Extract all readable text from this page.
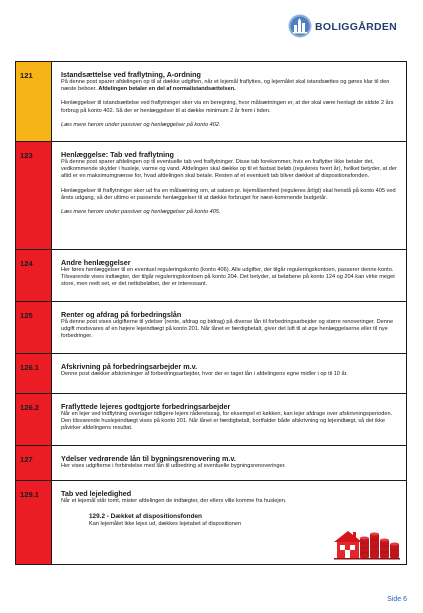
BOLIGGÅRDEN
121	Istandsættelse ved fraflytning, A-ordning
På denne post sparer afdelingen op til at dække udgiften, når et lejemål fraflyttes, og lejemålet skal istandsættes og gøres klar til den næste beboer. Afdelingen betaler en del af normalistandsættelsen.
Henlæggelser til istandsættelse ved fraflytninger sker via en beregning, hvor målsætningen er, at der skal være henlagt de sidste 2 års forbrug på konto 402. Så der er henlæggelser til at dække minimum 2 år frem i tiden.
Læs mere herom under passiver og henlæggelser på konto 402.
123	Henlæggelse: Tab ved fraflytning
På denne post sparer afdelingen op til eventuelle tab ved fraflytninger. Disse tab forekommer, hvis en fraflytter ikke betaler det, vedkommende skylder i husleje, varme og vand. Afdelingen skal dække op til et fastsat beløb (reguleres hvert år), hvilket betyder, at der altid er en maksimumgrænse for, hvad afdelingen skal betale. Resten af et eventuelt tab bliver dækket af dispositionsfonden.
Henlæggelser til fraflytninger sker ud fra en målsætning om, at satsen pr. lejemålsenhed (reguleres årligt) skal henstå på konto 405 ved årets udgang, så der ultimo er passende henlæggelser til at dække forbruget for næst-kommende budgetår.
Læs mere herom under passiver og henlæggelser på konto 405.
124	Andre henlæggelser
Her føres henlæggelser til en eventuel reguleringskonto (konto 406). Alle udgifter, der tilgår reguleringskontoen, passerer denne konto. Tilsvarende vises indtægter, der tilgår reguleringskontoen på konto 204. Det betyder, at beløbene på konto 124 og 204 kan virke meget store, men reelt set, er det nettobeløbet, der er interessant.
125	Renter og afdrag på forbedringslån
På denne post vises udgifterne til ydelser (rente, afdrag og bidrag) på diverse lån til forbedringsarbejder og større renoveringer. Denne udgift modsvares af en højere lejeindtægt på konto 201. Når lånet er færdigbetalt, giver det luft til at øge henlæggelserne eller til nye forbedringer.
126.1	Afskrivning på forbedringsarbejder m.v.
Denne post dækker afskrivninger af forbedringsarbejder, hvor der er taget lån i afdelingens egne midler i op til 10 år.
126.2	Fraflyttede lejeres godtgjorte forbedringsarbejder
Når en lejer ved indflytning overtager tidligere lejers råderetssag, for eksempel et køkken, kan lejer afdrage over afskrivningsperioden. Den tilsvarende huslejeindtægt vises på konto 201. Når lånet er færdigbetalt, bortfalder både afskrivning og lejeindtægt, så det ikke påvirker afdelingens resultat.
127	Ydelser vedrørende lån til bygningsrenovering m.v.
Her vises udgifterne i forbindelse med lån til udbedring af eventuelle bygningsrenoveringer.
129.1	Tab ved lejeledighed
Når et lejemål står tomt, mister afdelingen de indtægter, der ellers ville komme fra huslejen.
129.2 - Dækket af dispositionsfonden
Kan lejemålet ikke lejes ud, dækkes lejetabet af dispositionen
Side 6
